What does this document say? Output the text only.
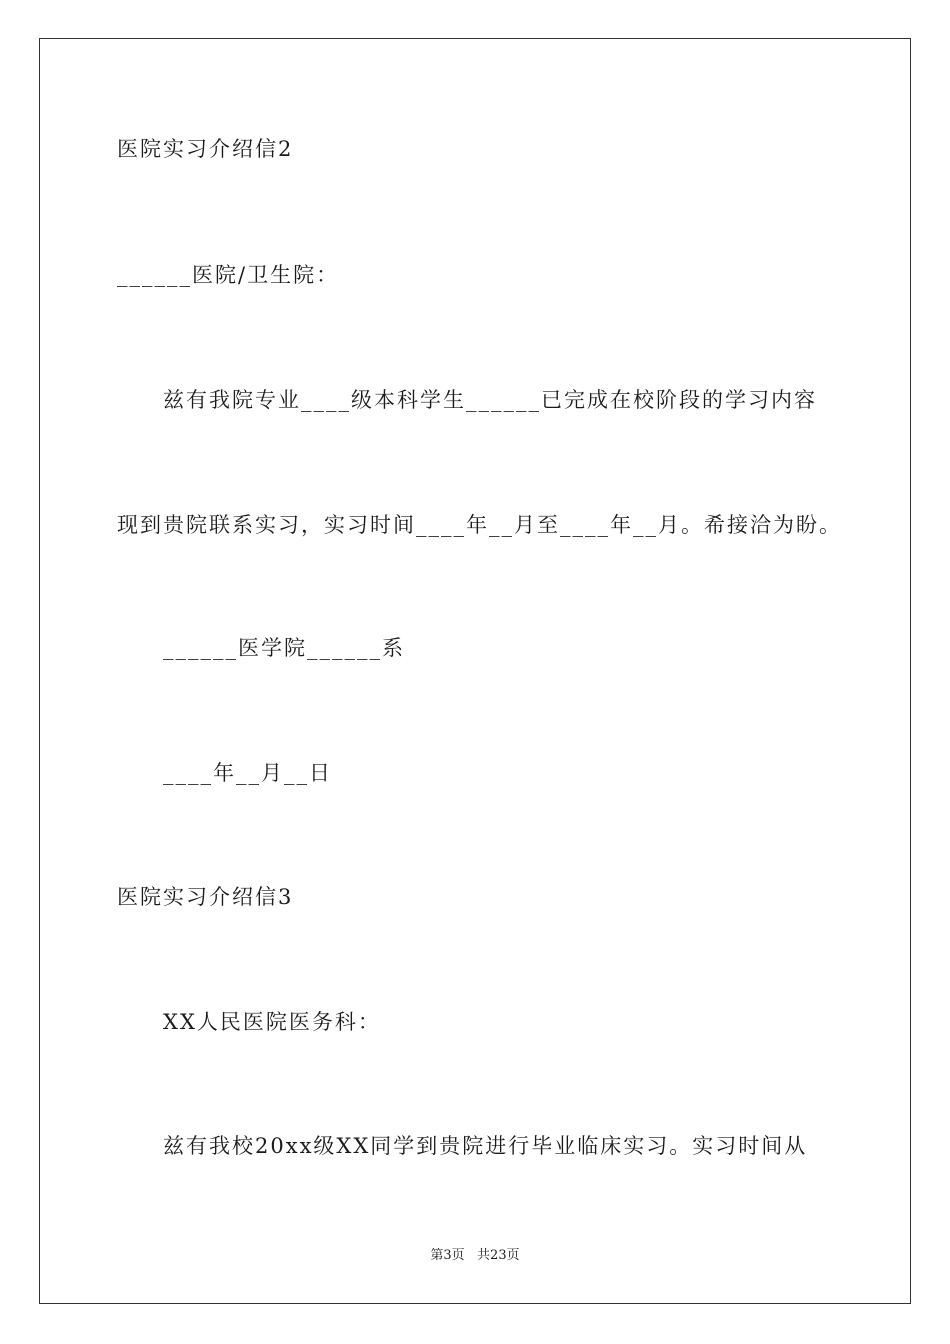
医院实习介绍信2
______医院/卫生院：
兹有我院专业____级本科学生______已完成在校阶段的学习内容
现到贵院联系实习，实习时间____年__月至____年__月。希接洽为盼。
______医学院______系
____年__月__日
医院实习介绍信3
XX人民医院医务科：
兹有我校20xx级XX同学到贵院进行毕业临床实习。实习时间从
第3页   共23页
